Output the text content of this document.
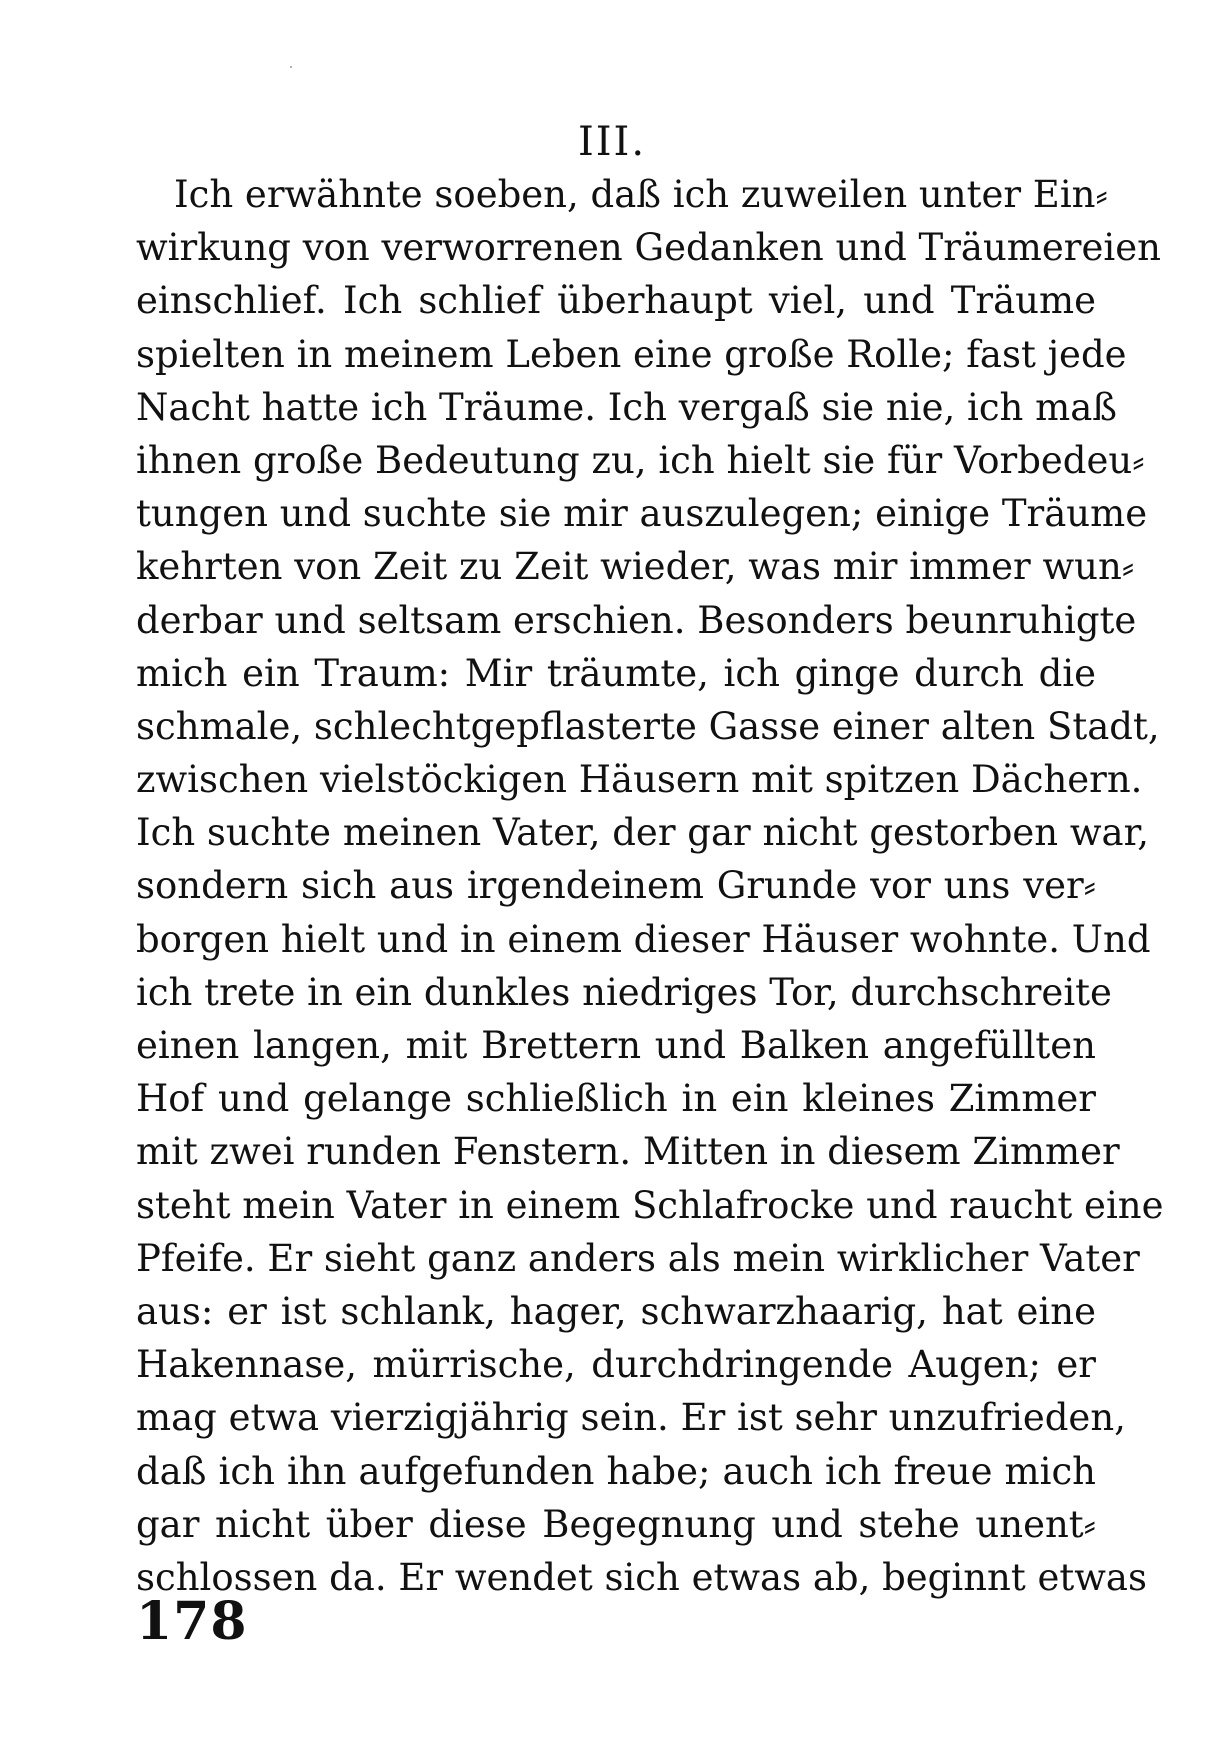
III.
Ich erwähnte soeben, daß ich zuweilen unter Ein⸗
wirkung von verworrenen Gedanken und Träumereien
einschlief. Ich schlief überhaupt viel, und Träume
spielten in meinem Leben eine große Rolle; fast jede
Nacht hatte ich Träume. Ich vergaß sie nie, ich maß
ihnen große Bedeutung zu, ich hielt sie für Vorbedeu⸗
tungen und suchte sie mir auszulegen; einige Träume
kehrten von Zeit zu Zeit wieder, was mir immer wun⸗
derbar und seltsam erschien. Besonders beunruhigte
mich ein Traum: Mir träumte, ich ginge durch die
schmale, schlechtgepflasterte Gasse einer alten Stadt,
zwischen vielstöckigen Häusern mit spitzen Dächern.
Ich suchte meinen Vater, der gar nicht gestorben war,
sondern sich aus irgendeinem Grunde vor uns ver⸗
borgen hielt und in einem dieser Häuser wohnte. Und
ich trete in ein dunkles niedriges Tor, durchschreite
einen langen, mit Brettern und Balken angefüllten
Hof und gelange schließlich in ein kleines Zimmer
mit zwei runden Fenstern. Mitten in diesem Zimmer
steht mein Vater in einem Schlafrocke und raucht eine
Pfeife. Er sieht ganz anders als mein wirklicher Vater
aus: er ist schlank, hager, schwarzhaarig, hat eine
Hakennase, mürrische, durchdringende Augen; er
mag etwa vierzigjährig sein. Er ist sehr unzufrieden,
daß ich ihn aufgefunden habe; auch ich freue mich
gar nicht über diese Begegnung und stehe unent⸗
schlossen da. Er wendet sich etwas ab, beginnt etwas
178
